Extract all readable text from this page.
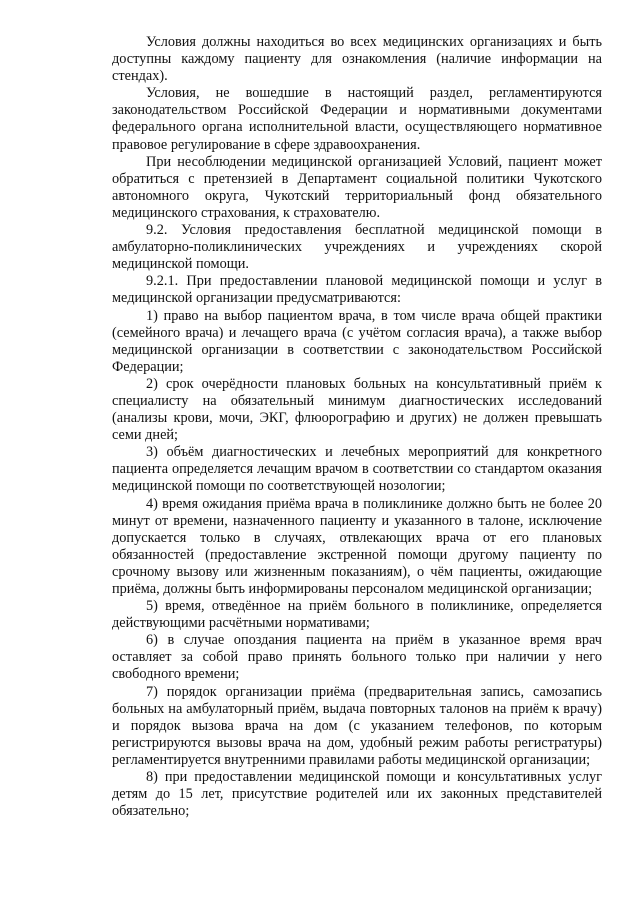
Условия должны находиться во всех медицинских организациях и быть доступны каждому пациенту для ознакомления (наличие информации на стендах).

Условия, не вошедшие в настоящий раздел, регламентируются законодательством Российской Федерации и нормативными документами федерального органа исполнительной власти, осуществляющего нормативное правовое регулирование в сфере здравоохранения.

При несоблюдении медицинской организацией Условий, пациент может обратиться с претензией в Департамент социальной политики Чукотского автономного округа, Чукотский территориальный фонд обязательного медицинского страхования, к страхователю.

9.2. Условия предоставления бесплатной медицинской помощи в амбулаторно-поликлинических учреждениях и учреждениях скорой медицинской помощи.

9.2.1. При предоставлении плановой медицинской помощи и услуг в медицинской организации предусматриваются:

1) право на выбор пациентом врача, в том числе врача общей практики (семейного врача) и лечащего врача (с учётом согласия врача), а также выбор медицинской организации в соответствии с законодательством Российской Федерации;

2) срок очерёдности плановых больных на консультативный приём к специалисту на обязательный минимум диагностических исследований (анализы крови, мочи, ЭКГ, флюорографию и других) не должен превышать семи дней;

3) объём диагностических и лечебных мероприятий для конкретного пациента определяется лечащим врачом в соответствии со стандартом оказания медицинской помощи по соответствующей нозологии;

4) время ожидания приёма врача в поликлинике должно быть не более 20 минут от времени, назначенного пациенту и указанного в талоне, исключение допускается только в случаях, отвлекающих врача от его плановых обязанностей (предоставление экстренной помощи другому пациенту по срочному вызову или жизненным показаниям), о чём пациенты, ожидающие приёма, должны быть информированы персоналом медицинской организации;

5) время, отведённое на приём больного в поликлинике, определяется действующими расчётными нормативами;

6) в случае опоздания пациента на приём в указанное время врач оставляет за собой право принять больного только при наличии у него свободного времени;

7) порядок организации приёма (предварительная запись, самозапись больных на амбулаторный приём, выдача повторных талонов на приём к врачу) и порядок вызова врача на дом (с указанием телефонов, по которым регистрируются вызовы врача на дом, удобный режим работы регистратуры) регламентируется внутренними правилами работы медицинской организации;

8) при предоставлении медицинской помощи и консультативных услуг детям до 15 лет, присутствие родителей или их законных представителей обязательно;
